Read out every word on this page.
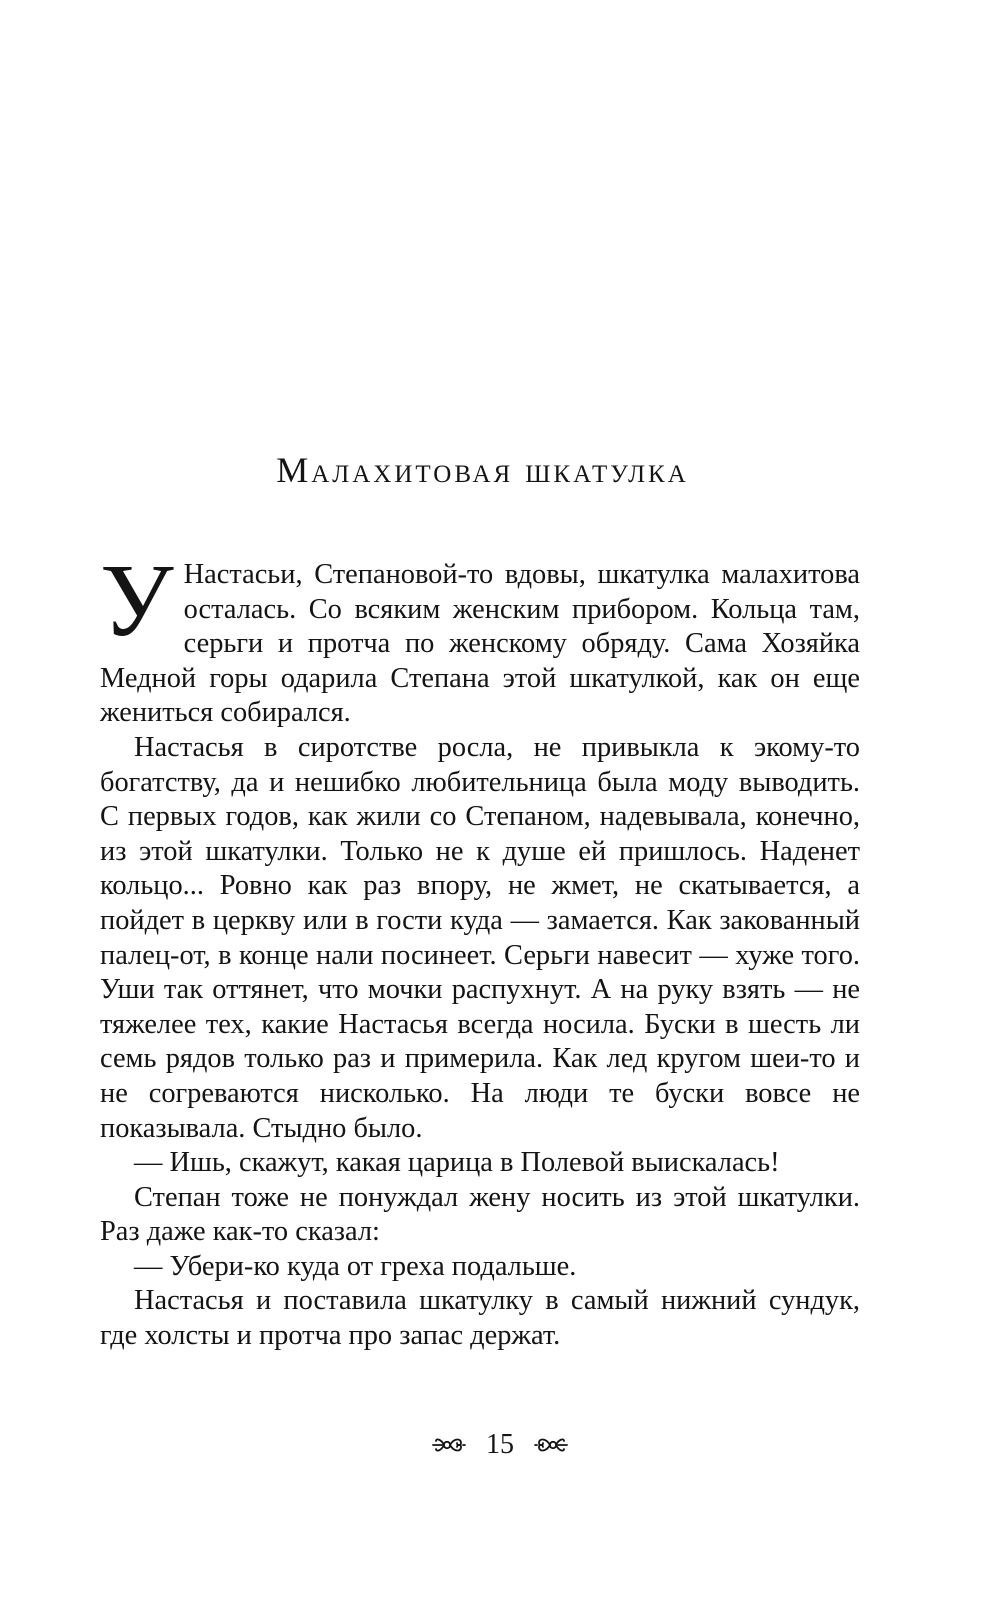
Малахитовая шкатулка

У Настасьи, Степановой-то вдовы, шкатулка малахитова осталась. Со всяким женским прибором. Кольца там, серьги и протча по женскому обряду. Сама Хозяйка Медной горы одарила Степана этой шкатулкой, как он еще жениться собирался.

Настасья в сиротстве росла, не привыкла к экому-то богатству, да и нешибко любительница была моду выводить. С первых годов, как жили со Степаном, надевывала, конечно, из этой шкатулки. Только не к душе ей пришлось. Наденет кольцо... Ровно как раз впору, не жмет, не скатывается, а пойдет в церкву или в гости куда — замается. Как закованный палец-от, в конце нали посинеет. Серьги навесит — хуже того. Уши так оттянет, что мочки распухнут. А на руку взять — не тяжелее тех, какие Настасья всегда носила. Буски в шесть ли семь рядов только раз и примерила. Как лед кругом шеи-то и не согреваются нисколько. На люди те буски вовсе не показывала. Стыдно было.

— Ишь, скажут, какая царица в Полевой выискалась!

Степан тоже не понуждал жену носить из этой шкатулки. Раз даже как-то сказал:

— Убери-ко куда от греха подальше.

Настасья и поставила шкатулку в самый нижний сундук, где холсты и протча про запас держат.

15
